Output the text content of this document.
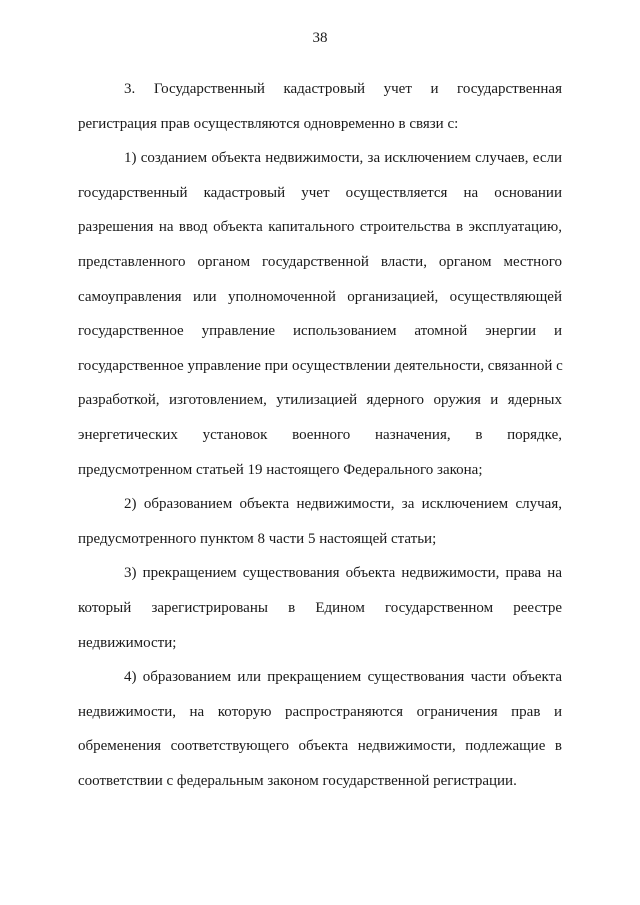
38

3. Государственный кадастровый учет и государственная
регистрация прав осуществляются одновременно в связи с:

1) созданием объекта недвижимости, за исключением случаев, если
государственный кадастровый учет осуществляется на основании
разрешения на ввод объекта капитального строительства в эксплуатацию,
представленного органом государственной власти, органом местного
самоуправления или уполномоченной организацией, осуществляющей
государственное управление использованием атомной энергии и
государственное управление при осуществлении деятельности, связанной с
разработкой, изготовлением, утилизацией ядерного оружия и ядерных
энергетических установок военного назначения, в порядке,
предусмотренном статьей 19 настоящего Федерального закона;

2) образованием объекта недвижимости, за исключением случая,
предусмотренного пунктом 8 части 5 настоящей статьи;

3) прекращением существования объекта недвижимости, права на
который зарегистрированы в Едином государственном реестре
недвижимости;

4) образованием или прекращением существования части объекта
недвижимости, на которую распространяются ограничения прав и
обременения соответствующего объекта недвижимости, подлежащие в
соответствии с федеральным законом государственной регистрации.
